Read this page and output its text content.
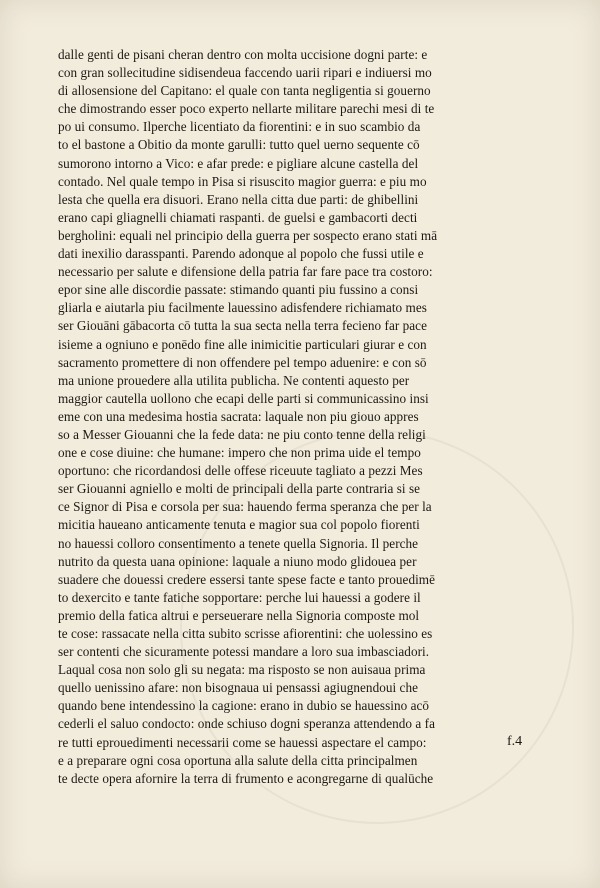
dalle genti de pisani cheran dentro con molta uccisione dogni parte: e
con gran sollecitudine sidisendeua faccendo uarii ripari e indiuersi mo
di allosensione del Capitano: el quale con tanta negligentia si gouerno
che dimostrando esser poco experto nellarte militare parechi mesi di te
po ui consumo. Ilperche licentiato da fiorentini: e in suo scambio da
to el bastone a Obitio da monte garulli: tutto quel uerno sequente cō
sumorono intorno a Vico: e afar prede: e pigliare alcune castella del
contado. Nel quale tempo in Pisa si risuscito magior guerra: e piu mo
lesta che quella era disuori. Erano nella citta due parti: de ghibellini
erano capi gliagnelli chiamati raspanti. de guelsi e gambacorti decti
bergholini: equali nel principio della guerra per sospecto erano stati mā
dati inexilio darasspanti. Parendo adonque al popolo che fussi utile e
necessario per salute e difensione della patria far fare pace tra costoro:
epor sine alle discordie passate: stimando quanti piu fussino a consi
gliarla e aiutarla piu facilmente lauessino adisfendere richiamato mes
ser Giouāni gābacorta cō tutta la sua secta nella terra fecieno far pace
isieme a ogniuno e ponēdo fine alle inimicitie particulari giurar e con
sacramento promettere di non offendere pel tempo aduenire: e con sō
ma unione prouedere alla utilita publicha. Ne contenti aquesto per
maggior cautella uollono che ecapi delle parti si communicassino insi
eme con una medesima hostia sacrata: laquale non piu giouo appres
so a Messer Giouanni che la fede data: ne piu conto tenne della religi
one e cose diuine: che humane: impero che non prima uide el tempo
oportuno: che ricordandosi delle offese riceuute tagliato a pezzi Mes
ser Giouanni agniello e molti de principali della parte contraria si se
ce Signor di Pisa e corsola per sua: hauendo ferma speranza che per la
micitia haueano anticamente tenuta e magior sua col popolo fiorenti
no hauessi colloro consentimento a tenete quella Signoria. Il perche
nutrito da questa uana opinione: laquale a niuno modo glidouea per
suadere che douessi credere essersi tante spese facte e tanto prouedimē
to dexercito e tante fatiche sopportare: perche lui hauessi a godere il
premio della fatica altrui e perseuerare nella Signoria composte mol
te cose: rassacate nella citta subito scrisse afiorentini: che uolessino es
ser contenti che sicuramente potessi mandare a loro sua imbasciadori.
Laqual cosa non solo gli su negata: ma risposto se non auisaua prima
quello uenissino afare: non bisognaua ui pensassi agiugnendoui che
quando bene intendessino la cagione: erano in dubio se hauessino acō
cederli el saluo condocto: onde schiuso dogni speranza attendendo a fa
re tutti eprouedimenti necessarii come se hauessi aspectare el campo:
e a preparare ogni cosa oportuna alla salute della citta principalmen
te decte opera afornire la terra di frumento e acongregarne di qualūche
f.4
